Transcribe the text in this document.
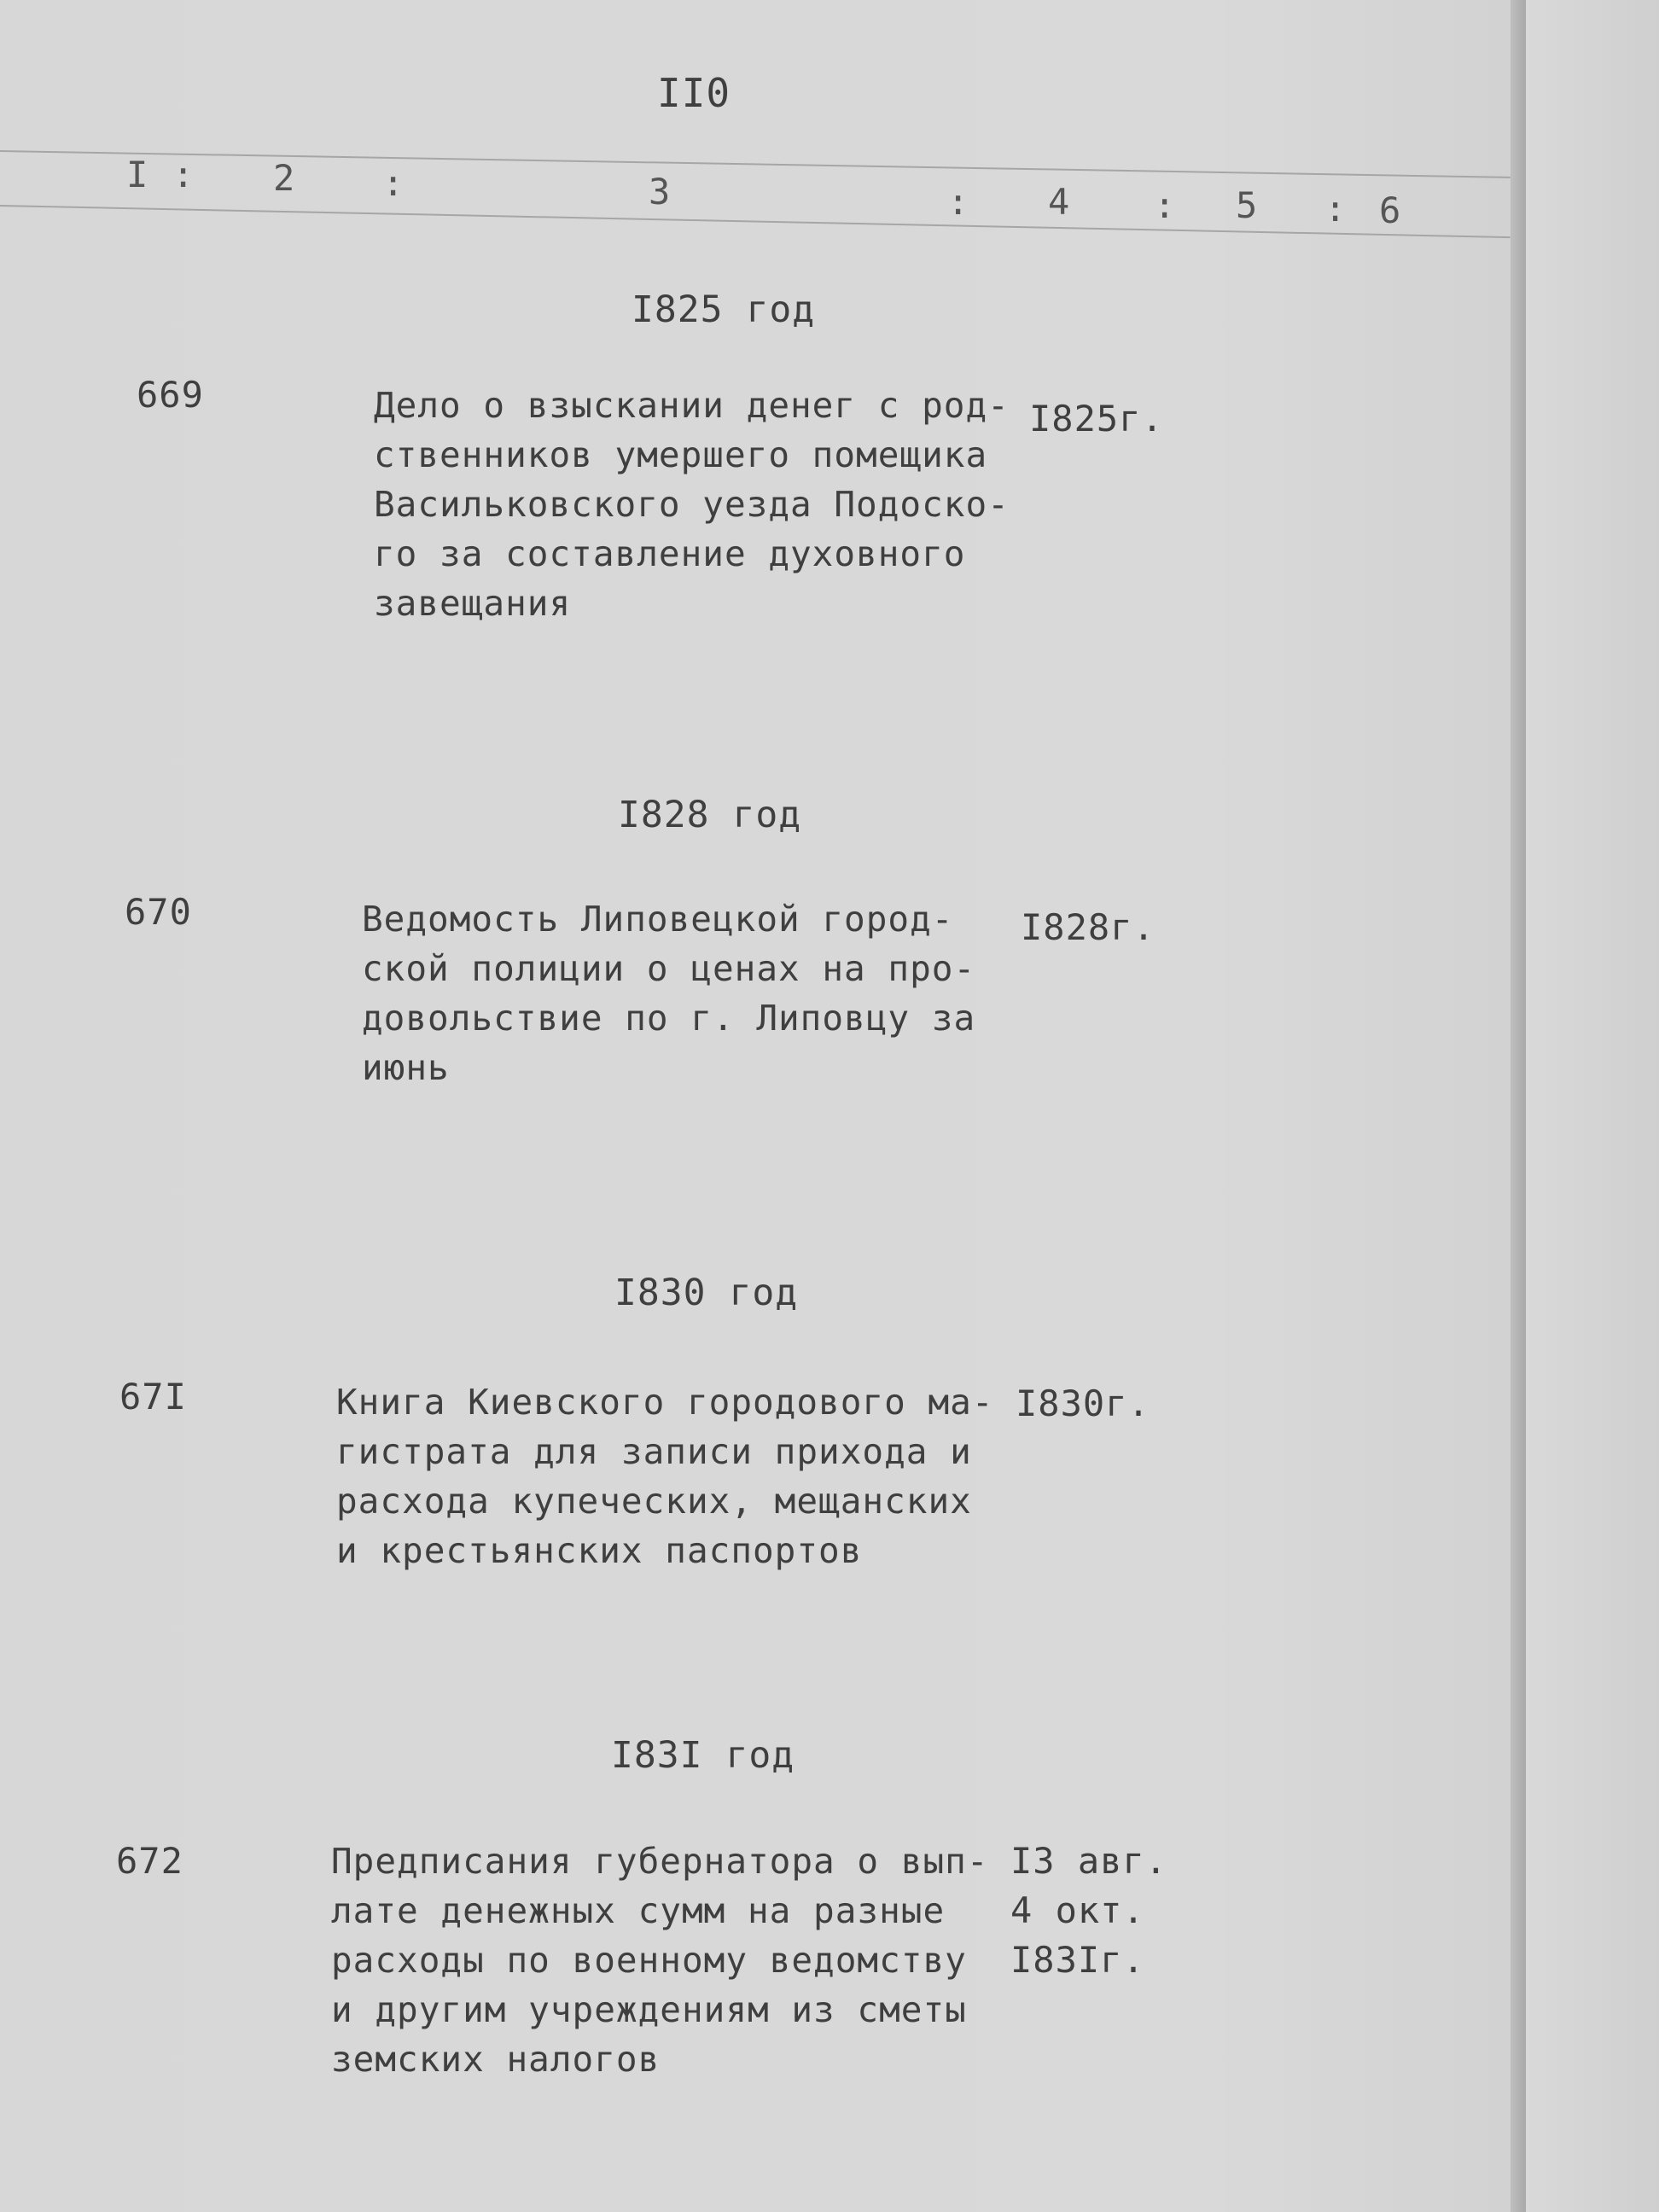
II0
I : 2 :	3	: 4 : 5 : 6
I825 год
669	Дело о взыскании денег с род-
ственников умершего помещика
Васильковского уезда Подоско-
го за составление духовного
завещания
I825г.
I828 год
670	Ведомость Липовецкой город-
ской полиции о ценах на про-
довольствие по г. Липовцу за
июнь
I828г.
I830 год
67I	Книга Киевского городового ма-
гистрата для записи прихода и
расхода купеческих, мещанских
и крестьянских паспортов
I830г.
I83I год
672	Предписания губернатора о вып-
лате денежных сумм на разные
расходы по военному ведомству
и другим учреждениям из сметы
земских налогов
I3 авг.
4 окт.
I83Iг.
